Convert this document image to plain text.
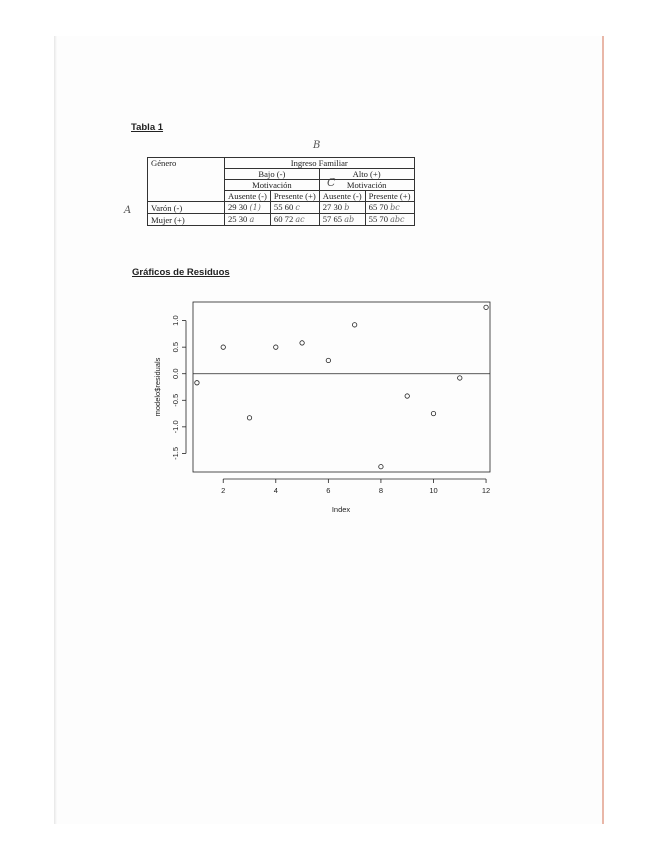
Tabla 1
B
A
C
Género	Ingreso Familiar			
	Bajo (-)		Alto (+)	
	Motivación		Motivación	
	Ausente (-)	Presente (+)	Ausente (-)	Presente (+)
Varón (-)	29 30 (1)	55 60 c	27 30 b	65 70 bc
Mujer (+)	25 30 a	60 72 ac	57 65 ab	55 70 abc
Gráficos de Residuos
2	4	6	8	10	12
-1.5
-1.0
-0.5
0.0
0.5
1.0
Index
modelo$residuals
